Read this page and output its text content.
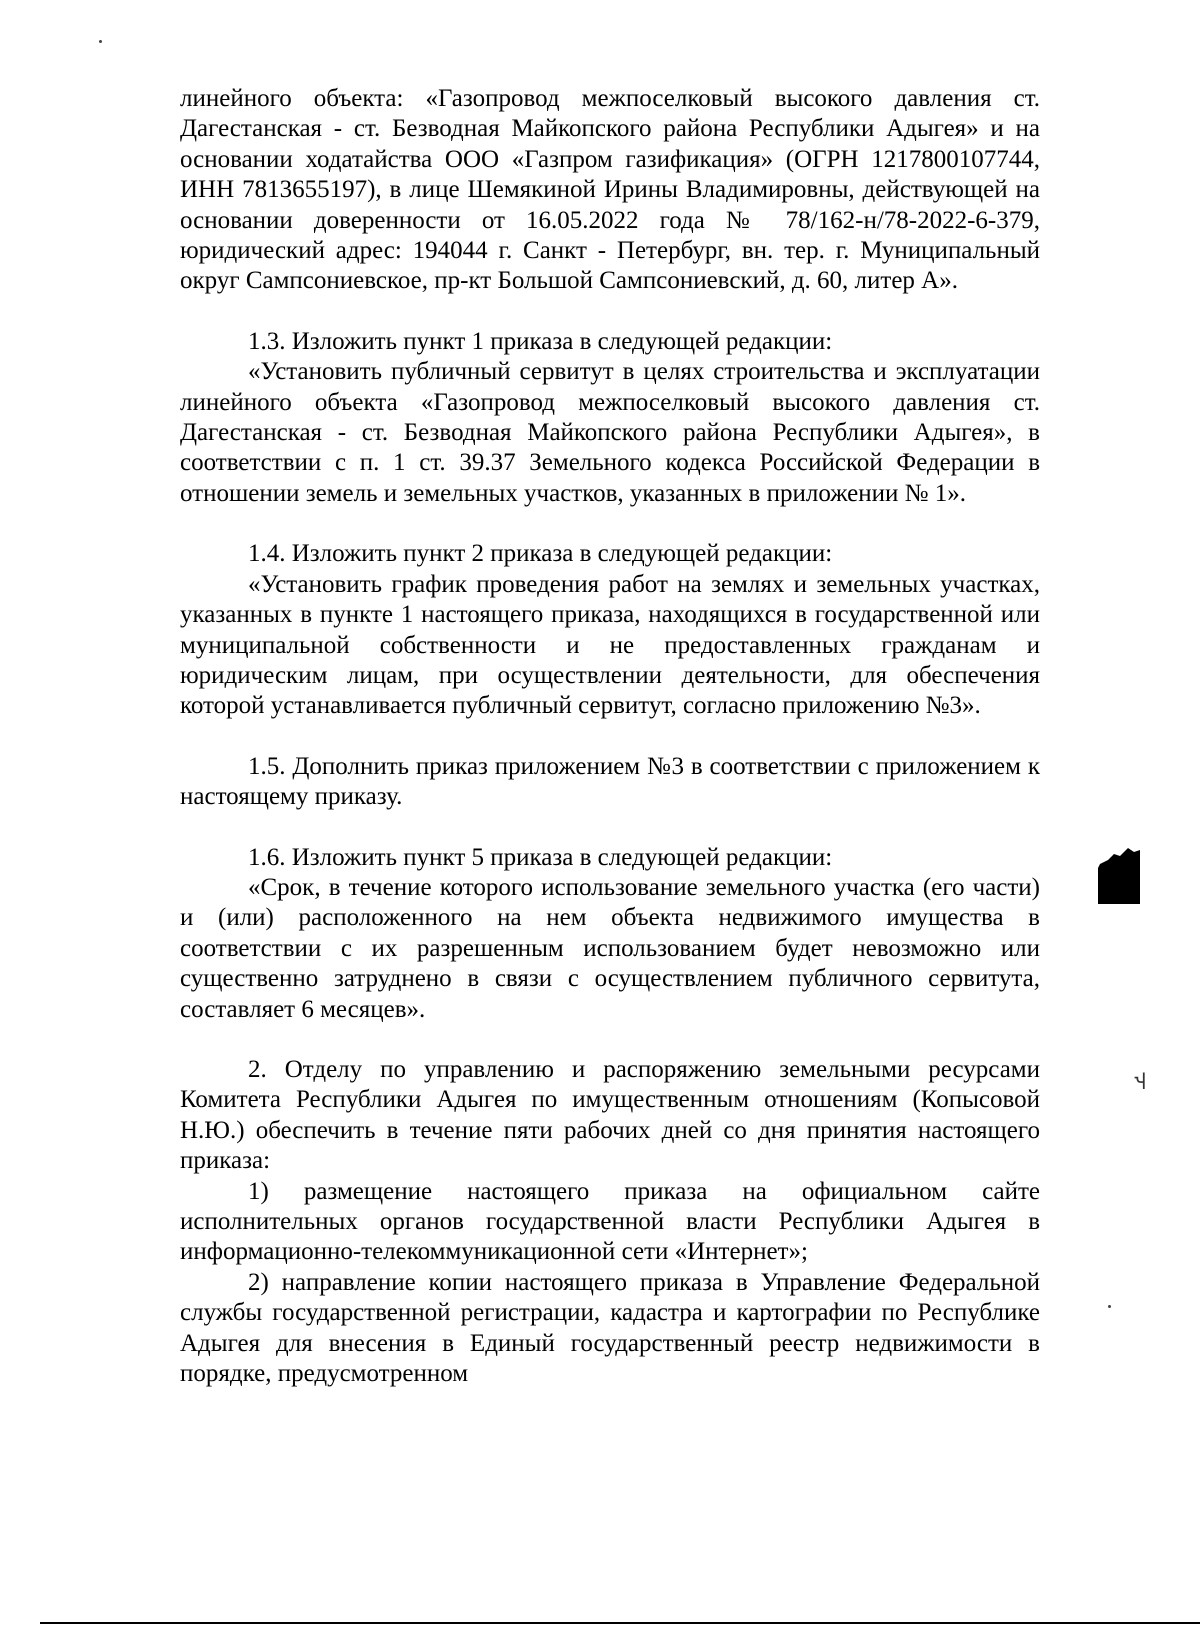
линейного объекта: «Газопровод межпоселковый высокого давления ст. Дагестанская - ст. Безводная Майкопского района Республики Адыгея» и на основании ходатайства ООО «Газпром газификация» (ОГРН 1217800107744, ИНН 7813655197), в лице Шемякиной Ирины Владимировны, действующей на основании доверенности от 16.05.2022 года № 78/162-н/78-2022-6-379, юридический адрес: 194044 г. Санкт - Петербург, вн. тер. г. Муниципальный округ Сампсониевское, пр-кт Большой Сампсониевский, д. 60, литер А».

1.3. Изложить пункт 1 приказа в следующей редакции:

«Установить публичный сервитут в целях строительства и эксплуатации линейного объекта «Газопровод межпоселковый высокого давления ст. Дагестанская - ст. Безводная Майкопского района Республики Адыгея», в соответствии с п. 1 ст. 39.37 Земельного кодекса Российской Федерации в отношении земель и земельных участков, указанных в приложении № 1».

1.4. Изложить пункт 2 приказа в следующей редакции:

«Установить график проведения работ на землях и земельных участках, указанных в пункте 1 настоящего приказа, находящихся в государственной или муниципальной собственности и не предоставленных гражданам и юридическим лицам, при осуществлении деятельности, для обеспечения которой устанавливается публичный сервитут, согласно приложению №3».

1.5. Дополнить приказ приложением №3 в соответствии с приложением к настоящему приказу.

1.6. Изложить пункт 5 приказа в следующей редакции:

«Срок, в течение которого использование земельного участка (его части) и (или) расположенного на нем объекта недвижимого имущества в соответствии с их разрешенным использованием будет невозможно или существенно затруднено в связи с осуществлением публичного сервитута, составляет 6 месяцев».

2. Отделу по управлению и распоряжению земельными ресурсами Комитета Республики Адыгея по имущественным отношениям (Копысовой Н.Ю.) обеспечить в течение пяти рабочих дней со дня принятия настоящего приказа:

1) размещение настоящего приказа на официальном сайте исполнительных органов государственной власти Республики Адыгея в информационно-телекоммуникационной сети «Интернет»;

2) направление копии настоящего приказа в Управление Федеральной службы государственной регистрации, кадастра и картографии по Республике Адыгея для внесения в Единый государственный реестр недвижимости в порядке, предусмотренном

Ⴣ
